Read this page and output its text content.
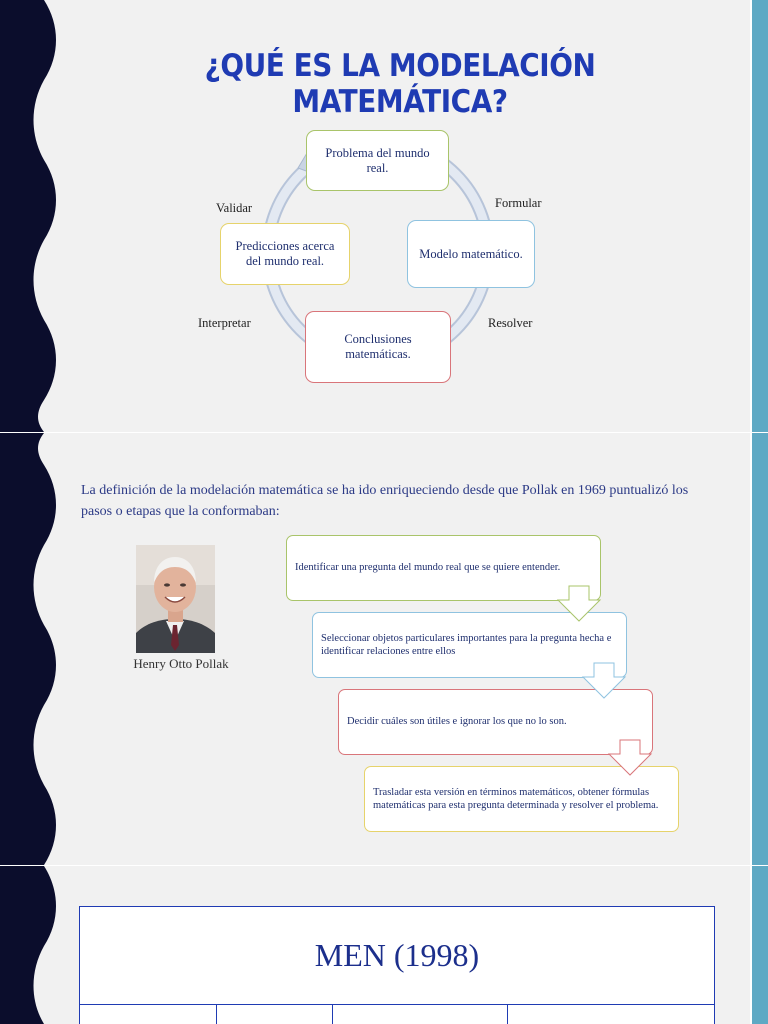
¿QUÉ ES LA MODELACIÓN MATEMÁTICA?
Problema del mundo real.
Modelo matemático.
Conclusiones matemáticas.
Predicciones acerca del mundo real.
Formular
Resolver
Interpretar
Validar

La definición de la modelación matemática se ha ido enriqueciendo desde que Pollak en 1969 puntualizó los pasos o etapas que la conformaban:

Henry Otto Pollak
Identificar una pregunta del mundo real que se quiere entender.
Seleccionar objetos particulares importantes para la pregunta hecha e identificar relaciones entre ellos
Decidir cuáles son útiles e ignorar los que no lo son.
Trasladar esta versión en términos matemáticos, obtener fórmulas matemáticas para esta pregunta determinada y resolver el problema.
MEN (1998)
